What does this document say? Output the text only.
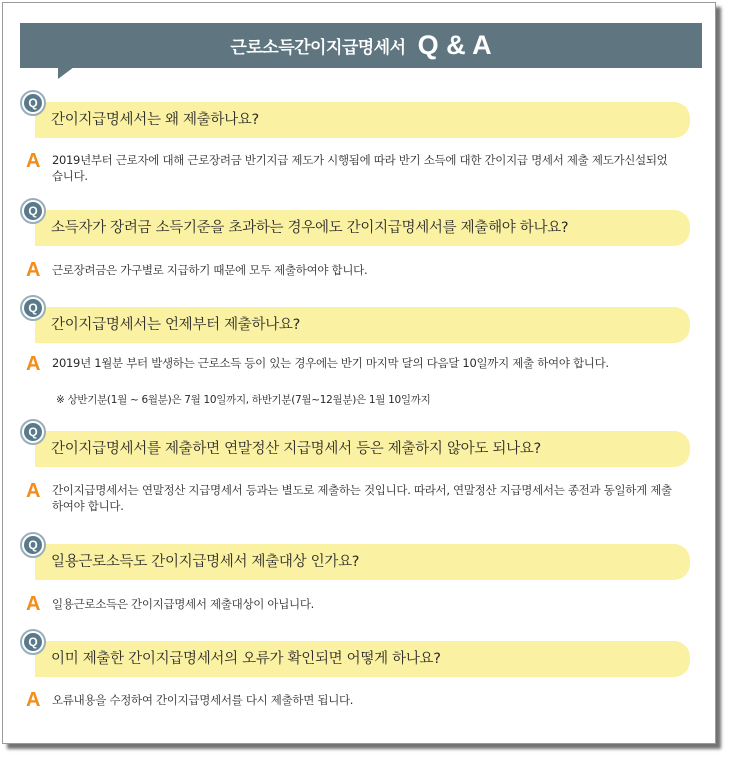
근로소득간이지급명세서 Q & A
간이지급명세서는 왜 제출하나요?
Q
A 2019년부터 근로자에 대해 근로장려금 반기지급 제도가 시행됨에 따라 반기 소득에 대한 간이지급 명세서 제출 제도가신설되었습니다.
소득자가 장려금 소득기준을 초과하는 경우에도 간이지급명세서를 제출해야 하나요?
Q
A 근로장려금은 가구별로 지급하기 때문에 모두 제출하여야 합니다.
간이지급명세서는 언제부터 제출하나요?
Q
A 2019년 1월분 부터 발생하는 근로소득 등이 있는 경우에는 반기 마지막 달의 다음달 10일까지 제출 하여야 합니다.
※ 상반기분(1월 ~ 6월분)은 7월 10일까지, 하반기분(7월~12월분)은 1월 10일까지
간이지급명세서를 제출하면 연말정산 지급명세서 등은 제출하지 않아도 되나요?
Q
A 간이지급명세서는 연말정산 지급명세서 등과는 별도로 제출하는 것입니다. 따라서, 연말정산 지급명세서는 종전과 동일하게 제출하여야 합니다.
일용근로소득도 간이지급명세서 제출대상 인가요?
Q
A 일용근로소득은 간이지급명세서 제출대상이 아닙니다.
이미 제출한 간이지급명세서의 오류가 확인되면 어떻게 하나요?
Q
A 오류내용을 수정하여 간이지급명세서를 다시 제출하면 됩니다.
